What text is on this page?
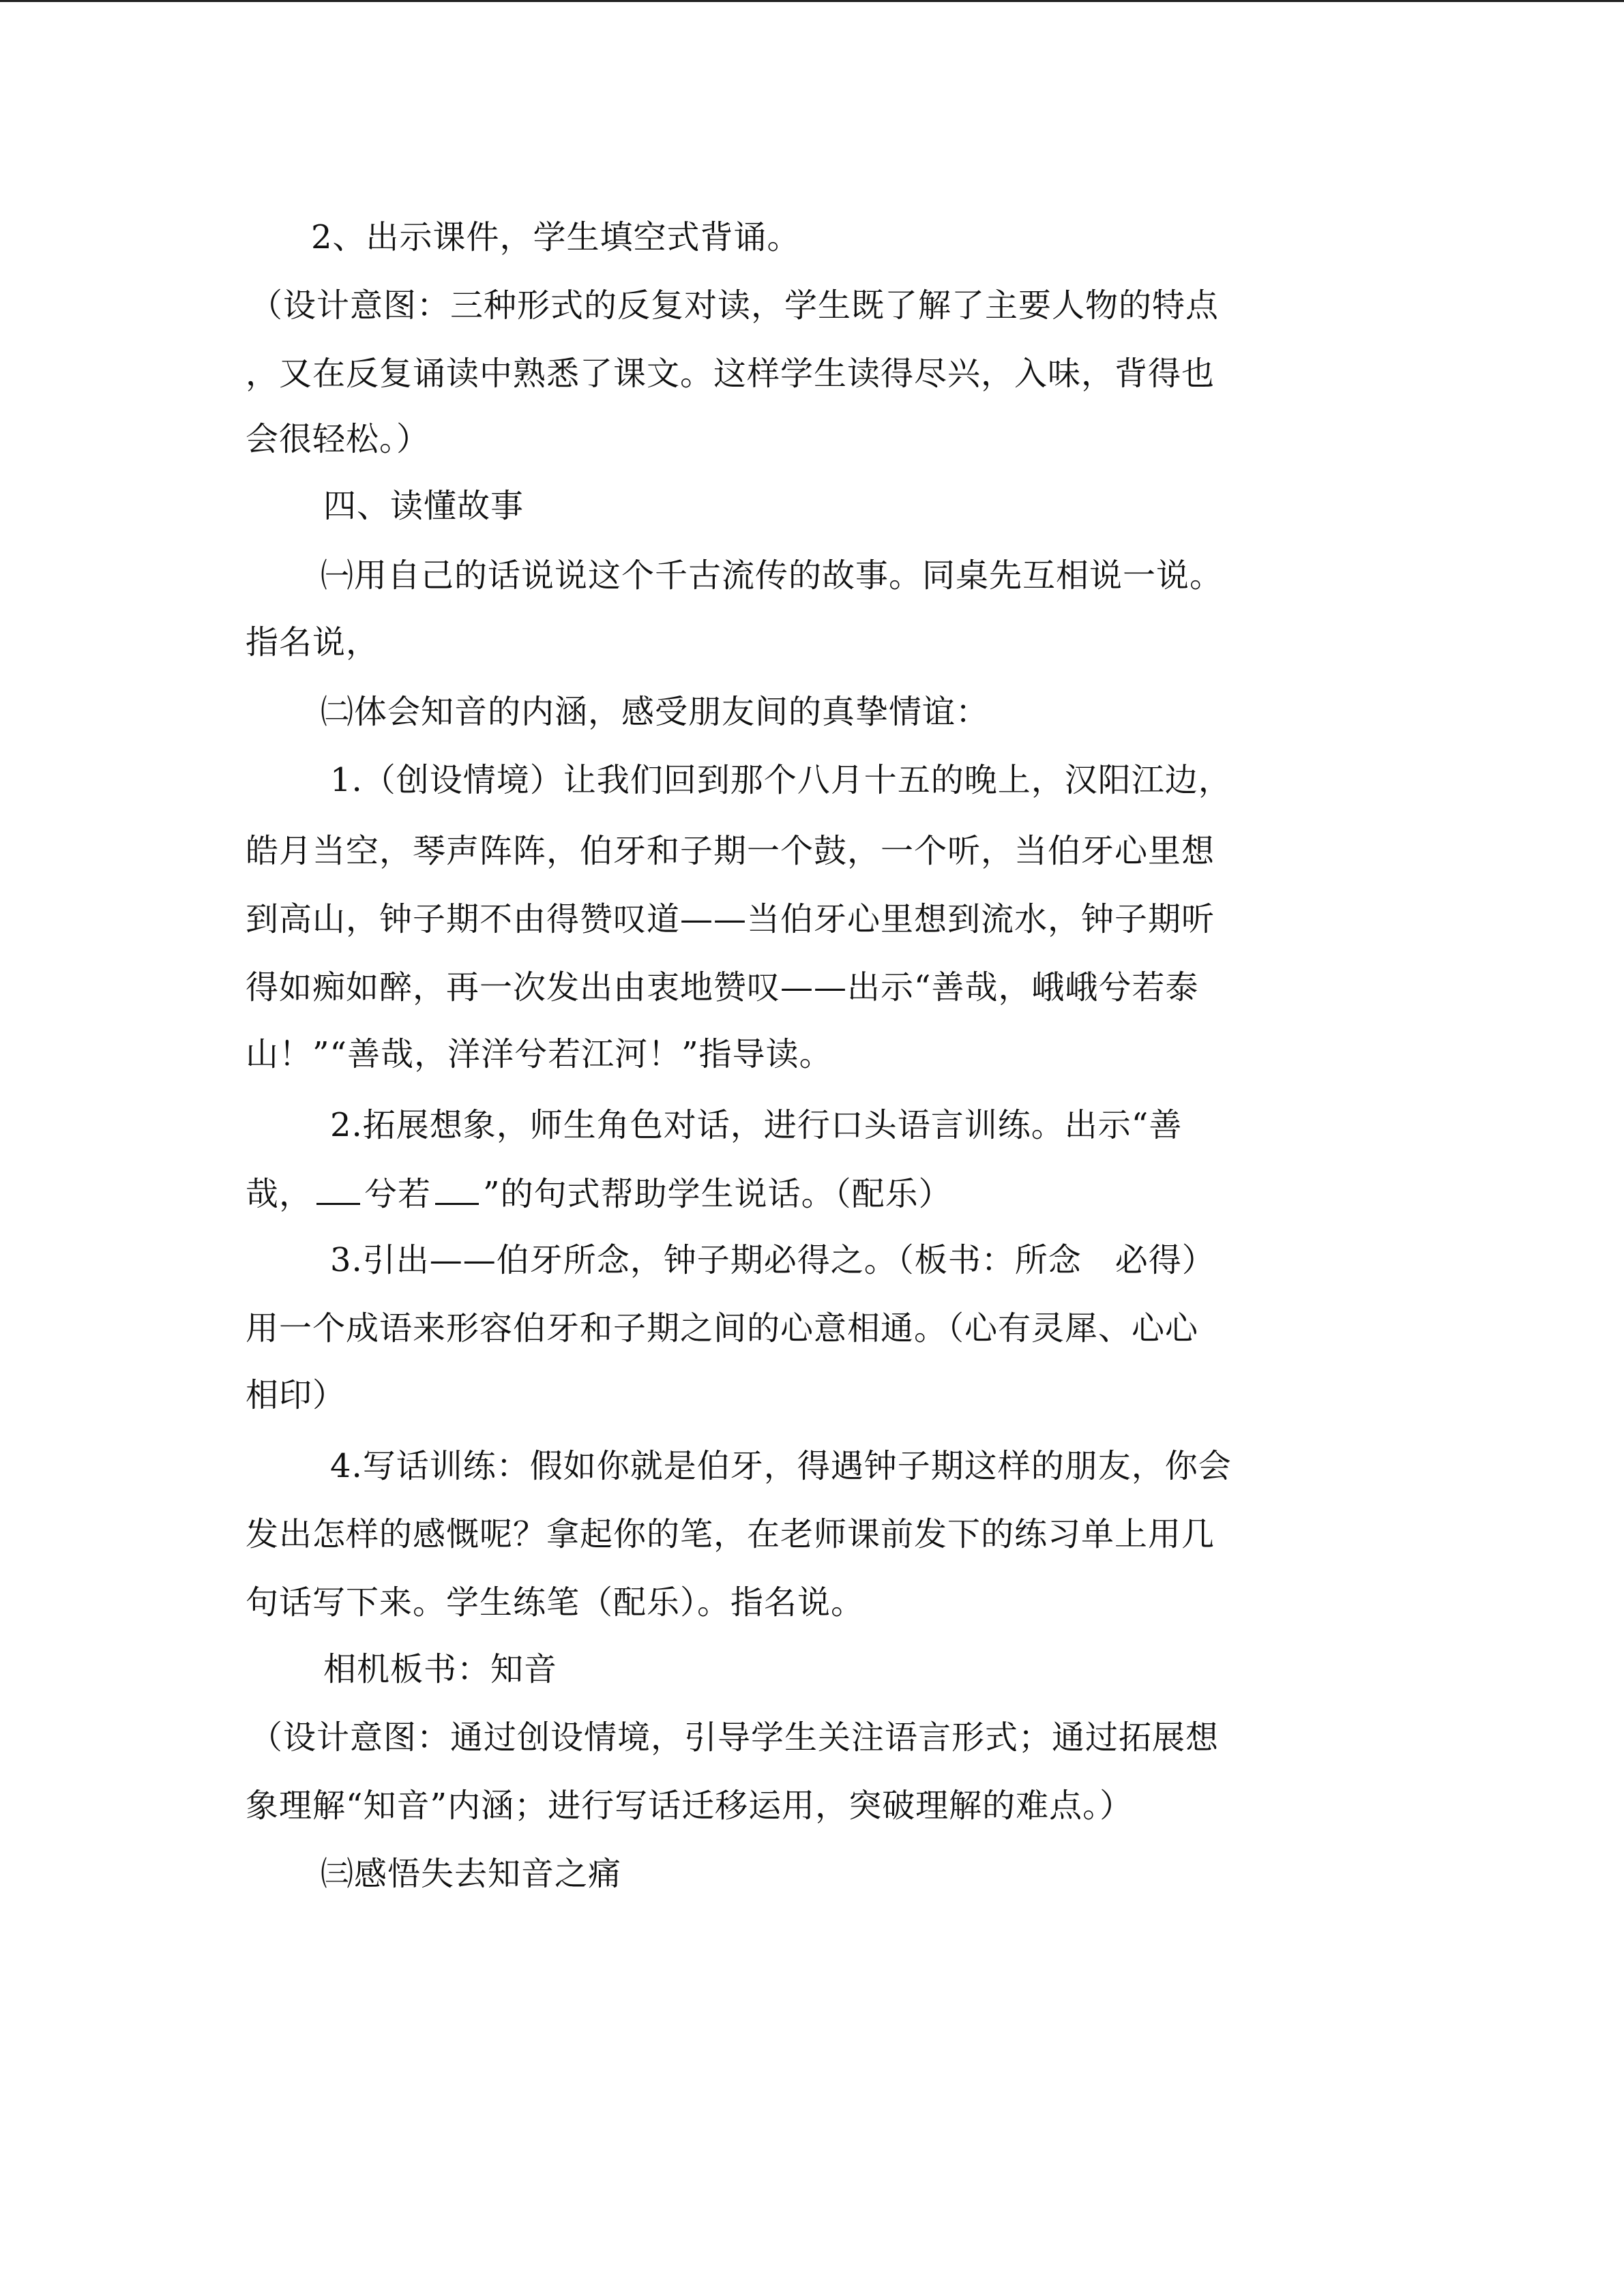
2、出示课件，学生填空式背诵。
（设计意图：三种形式的反复对读，学生既了解了主要人物的特点
，又在反复诵读中熟悉了课文。这样学生读得尽兴，入味，背得也
会很轻松。）
四、读懂故事
㈠用自己的话说说这个千古流传的故事。同桌先互相说一说。
指名说，
㈡体会知音的内涵，感受朋友间的真挚情谊：
1.（创设情境）让我们回到那个八月十五的晚上，汉阳江边，
皓月当空，琴声阵阵，伯牙和子期一个鼓，一个听，当伯牙心里想
到高山，钟子期不由得赞叹道——当伯牙心里想到流水，钟子期听
得如痴如醉，再一次发出由衷地赞叹——出示“善哉，峨峨兮若泰
山！”“善哉，洋洋兮若江河！”指导读。
2.拓展想象，师生角色对话，进行口头语言训练。出示“善
哉， 兮若 ”的句式帮助学生说话。（配乐）
3.引出——伯牙所念，钟子期必得之。（板书：所念　必得）
用一个成语来形容伯牙和子期之间的心意相通。（心有灵犀、心心
相印）
4.写话训练：假如你就是伯牙，得遇钟子期这样的朋友，你会
发出怎样的感慨呢？拿起你的笔，在老师课前发下的练习单上用几
句话写下来。学生练笔（配乐）。指名说。
相机板书：知音
（设计意图：通过创设情境，引导学生关注语言形式；通过拓展想
象理解“知音”内涵；进行写话迁移运用，突破理解的难点。）
㈢感悟失去知音之痛
